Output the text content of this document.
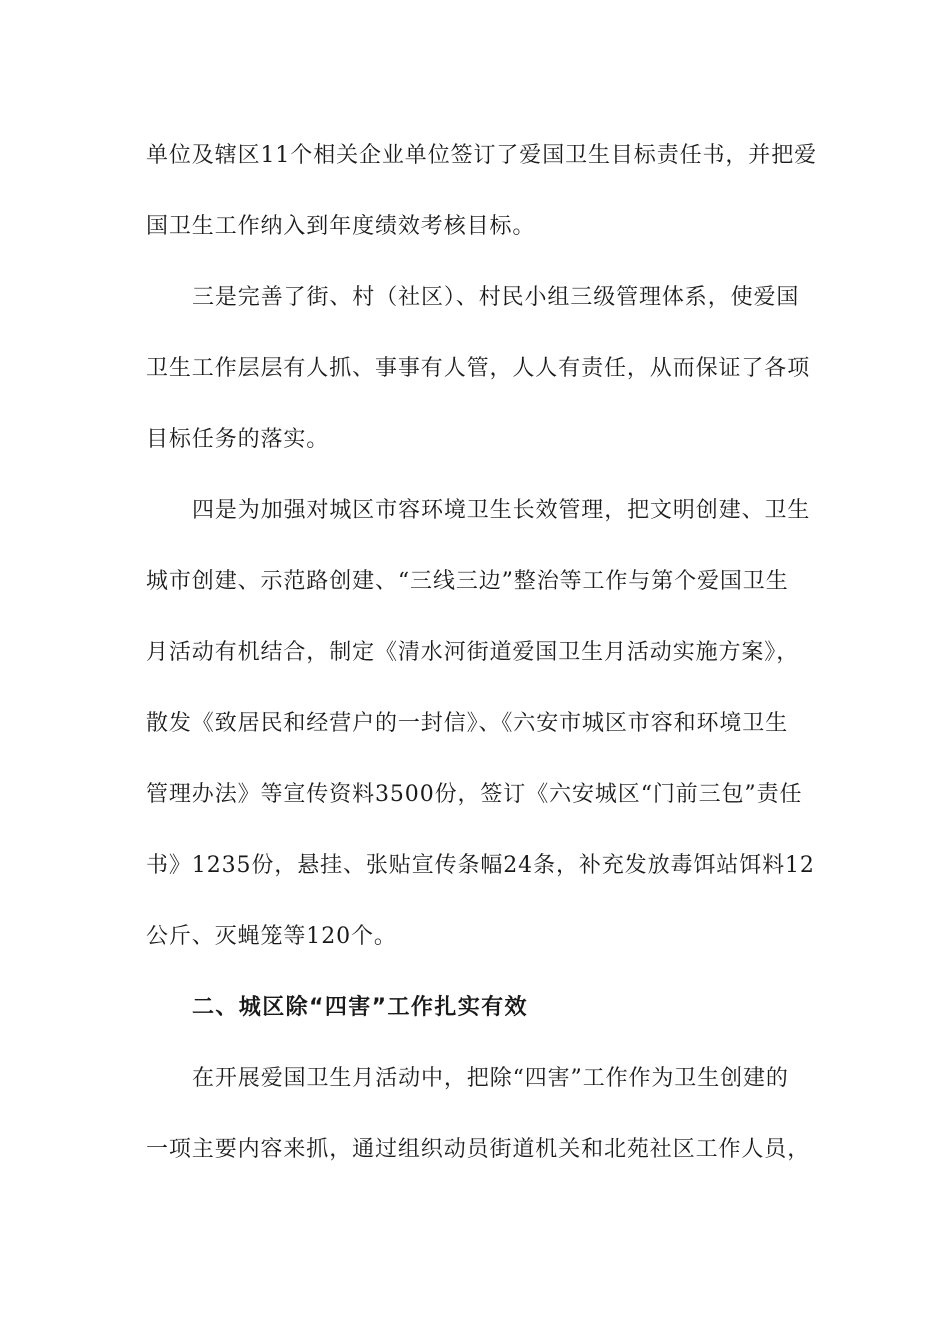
单位及辖区11个相关企业单位签订了爱国卫生目标责任书，并把爱
国卫生工作纳入到年度绩效考核目标。
三是完善了街、村（社区）、村民小组三级管理体系，使爱国
卫生工作层层有人抓、事事有人管，人人有责任，从而保证了各项
目标任务的落实。
四是为加强对城区市容环境卫生长效管理，把文明创建、卫生
城市创建、示范路创建、“三线三边”整治等工作与第个爱国卫生
月活动有机结合，制定《清水河街道爱国卫生月活动实施方案》，
散发《致居民和经营户的一封信》、《六安市城区市容和环境卫生
管理办法》等宣传资料3500份，签订《六安城区“门前三包”责任
书》1235份，悬挂、张贴宣传条幅24条，补充发放毒饵站饵料12
公斤、灭蝇笼等120个。
二、城区除“四害”工作扎实有效
在开展爱国卫生月活动中，把除“四害”工作作为卫生创建的
一项主要内容来抓，通过组织动员街道机关和北苑社区工作人员，
